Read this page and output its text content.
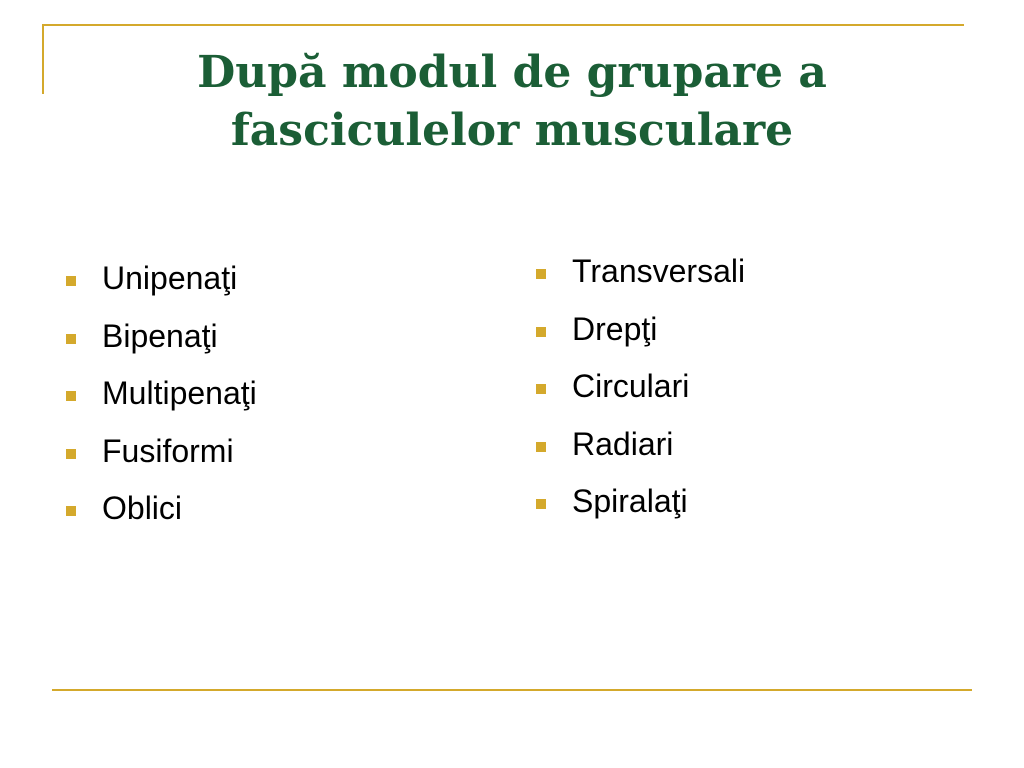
După modul de grupare a fasciculelor musculare
Unipenaţi
Bipenaţi
Multipenaţi
Fusiformi
Oblici
Transversali
Drepţi
Circulari
Radiari
Spiralaţi
